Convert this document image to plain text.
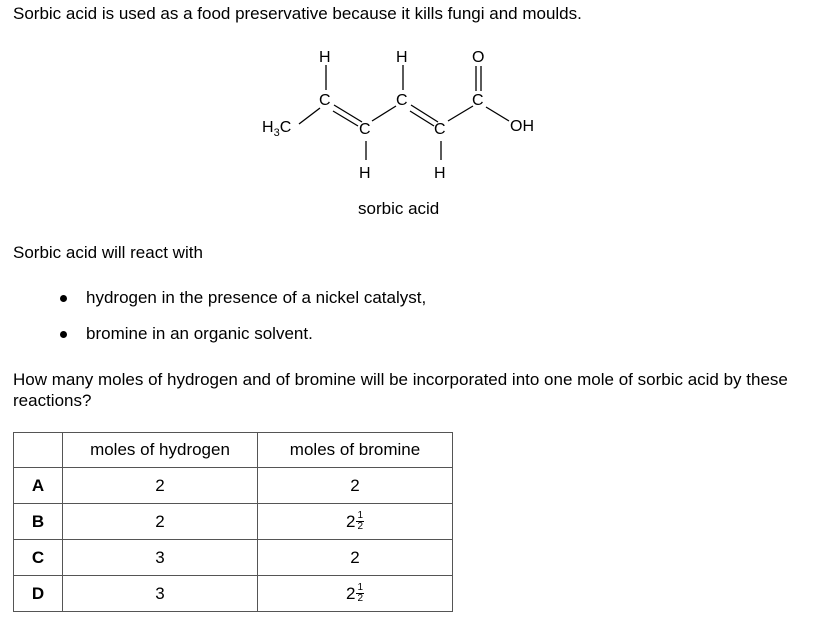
Sorbic acid is used as a food preservative because it kills fungi and moulds.
H	H	O
C	C	C
C	C
$H_3C$	OH
H	H
sorbic acid
Sorbic acid will react with
hydrogen in the presence of a nickel catalyst,
bromine in an organic solvent.
How many moles of hydrogen and of bromine will be incorporated into one mole of sorbic acid by these reactions?
	moles of hydrogen	moles of bromine
A	2	2
B	2	$2 \frac{1}{2}$

C	3	2
D	3	$2 \frac{1}{2}$
